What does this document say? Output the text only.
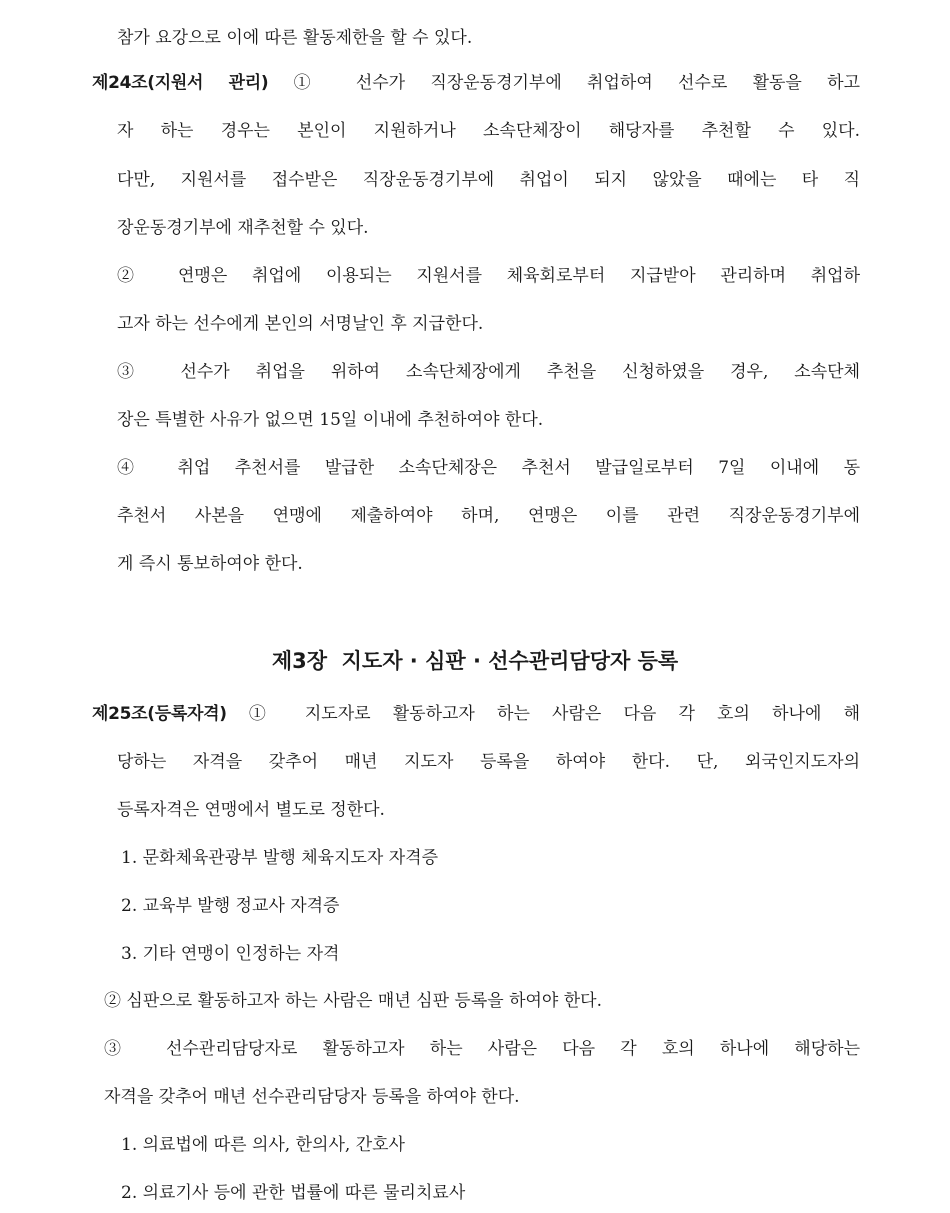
참가 요강으로 이에 따른 활동제한을 할 수 있다.
제24조(지원서 관리) ① 선수가 직장운동경기부에 취업하여 선수로 활동을 하고
자 하는 경우는 본인이 지원하거나 소속단체장이 해당자를 추천할 수 있다.
다만, 지원서를 접수받은 직장운동경기부에 취업이 되지 않았을 때에는 타 직
장운동경기부에 재추천할 수 있다.
② 연맹은 취업에 이용되는 지원서를 체육회로부터 지급받아 관리하며 취업하
고자 하는 선수에게 본인의 서명날인 후 지급한다.
③ 선수가 취업을 위하여 소속단체장에게 추천을 신청하였을 경우, 소속단체
장은 특별한 사유가 없으면 15일 이내에 추천하여야 한다.
④ 취업 추천서를 발급한 소속단체장은 추천서 발급일로부터 7일 이내에 동
추천서 사본을 연맹에 제출하여야 하며, 연맹은 이를 관련 직장운동경기부에
게 즉시 통보하여야 한다.
제3장  지도자 · 심판 · 선수관리담당자 등록
제25조(등록자격) ① 지도자로 활동하고자 하는 사람은 다음 각 호의 하나에 해
당하는 자격을 갖추어 매년 지도자 등록을 하여야 한다. 단, 외국인지도자의
등록자격은 연맹에서 별도로 정한다.
1. 문화체육관광부 발행 체육지도자 자격증
2. 교육부 발행 정교사 자격증
3. 기타 연맹이 인정하는 자격
② 심판으로 활동하고자 하는 사람은 매년 심판 등록을 하여야 한다.
③ 선수관리담당자로 활동하고자 하는 사람은 다음 각 호의 하나에 해당하는
자격을 갖추어 매년 선수관리담당자 등록을 하여야 한다.
1. 의료법에 따른 의사, 한의사, 간호사
2. 의료기사 등에 관한 법률에 따른 물리치료사
